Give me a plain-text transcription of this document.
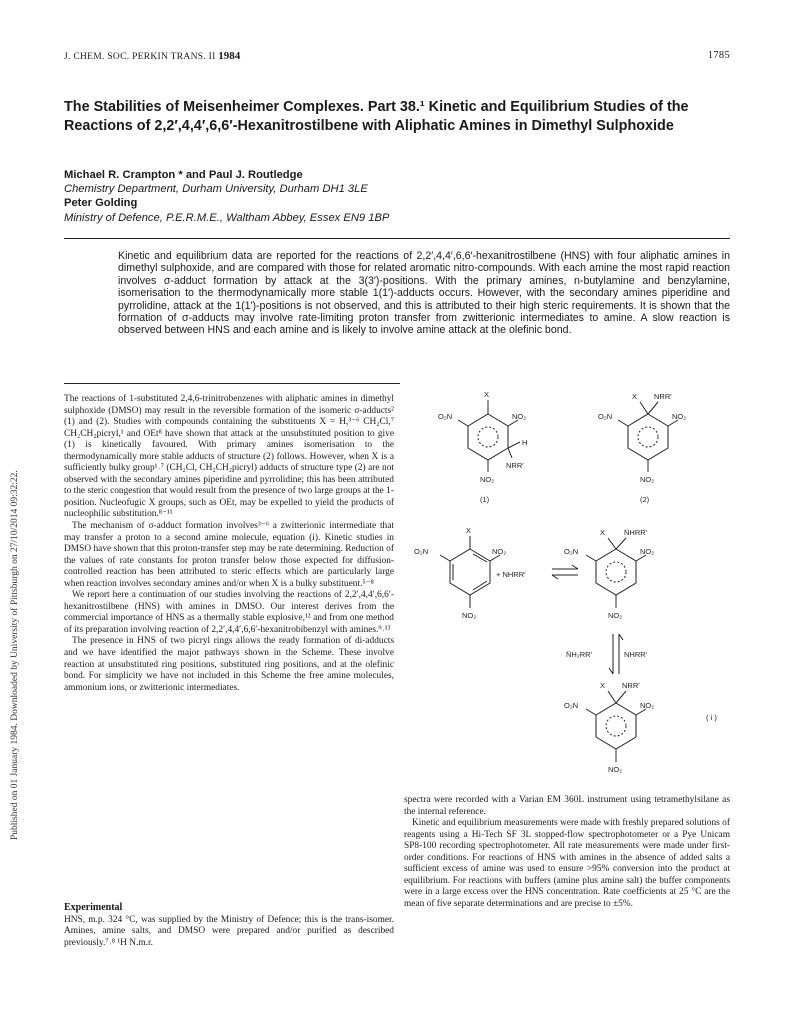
J. CHEM. SOC. PERKIN TRANS. II 1984	1785
Published on 01 January 1984. Downloaded by University of Pittsburgh on 27/10/2014 09:32:22.
The Stabilities of Meisenheimer Complexes. Part 38.¹ Kinetic and Equilibrium Studies of the Reactions of 2,2′,4,4′,6,6′-Hexanitrostilbene with Aliphatic Amines in Dimethyl Sulphoxide
Michael R. Crampton * and Paul J. Routledge
Chemistry Department, Durham University, Durham DH1 3LE
Peter Golding
Ministry of Defence, P.E.R.M.E., Waltham Abbey, Essex EN9 1BP
Kinetic and equilibrium data are reported for the reactions of 2,2′,4,4′,6,6′-hexanitrostilbene (HNS) with four aliphatic amines in dimethyl sulphoxide, and are compared with those for related aromatic nitro-compounds. With each amine the most rapid reaction involves σ-adduct formation by attack at the 3(3′)-positions. With the primary amines, n-butylamine and benzylamine, isomerisation to the thermodynamically more stable 1(1′)-adducts occurs. However, with the secondary amines piperidine and pyrrolidine, attack at the 1(1′)-positions is not observed, and this is attributed to their high steric requirements. It is shown that the formation of σ-adducts may involve rate-limiting proton transfer from zwitterionic intermediates to amine. A slow reaction is observed between HNS and each amine and is likely to involve amine attack at the olefinic bond.

The reactions of 1-substituted 2,4,6-trinitrobenzenes with aliphatic amines in dimethyl sulphoxide (DMSO) may result in the reversible formation of the isomeric σ-adducts² (1) and (2). Studies with compounds containing the substituents X = H,³⁻⁶ CH₂Cl,⁷ CH₂CH₂picryl,¹ and OEt⁸ have shown that attack at the unsubstituted position to give (1) is kinetically favoured. With primary amines isomerisation to the thermodynamically more stable adducts of structure (2) follows. However, when X is a sufficiently bulky group¹˒⁷ (CH₂Cl, CH₂CH₂picryl) adducts of structure type (2) are not observed with the secondary amines piperidine and pyrrolidine; this has been attributed to the steric congestion that would result from the presence of two large groups at the 1-position. Nucleofugic X groups, such as OEt, may be expelled to yield the products of nucleophilic substitution.⁸⁻¹¹

The mechanism of σ-adduct formation involves³⁻⁶ a zwitterionic intermediate that may transfer a proton to a second amine molecule, equation (i). Kinetic studies in DMSO have shown that this proton-transfer step may be rate determining. Reduction of the values of rate constants for proton transfer below those expected for diffusion-controlled reaction has been attributed to steric effects which are particularly large when reaction involves secondary amines and/or when X is a bulky substituent.⁵⁻⁸

We report here a continuation of our studies involving the reactions of 2,2′,4,4′,6,6′-hexanitrostilbene (HNS) with amines in DMSO. Our interest derives from the commercial importance of HNS as a thermally stable explosive,¹² and from one method of its preparation involving reaction of 2,2′,4,4′,6,6′-hexanitrobibenzyl with amines.⁹˒¹³

The presence in HNS of two picryl rings allows the ready formation of di-adducts and we have identified the major pathways shown in the Scheme. These involve reaction at unsubstituted ring positions, substituted ring positions, and at the olefinic bond. For simplicity we have not included in this Scheme the free amine molecules, ammonium ions, or zwitterionic intermediates.

Experimental

HNS, m.p. 324 °C, was supplied by the Ministry of Defence; this is the trans-isomer. Amines, amine salts, and DMSO were prepared and/or purified as described previously.⁷˒⁸ ¹H N.m.r.

spectra were recorded with a Varian EM 360L instrument using tetramethylsilane as the internal reference.

Kinetic and equilibrium measurements were made with freshly prepared solutions of reagents using a Hi-Tech SF 3L stopped-flow spectrophotometer or a Pye Unicam SP8-100 recording spectrophotometer. All rate measurements were made under first-order conditions. For reactions of HNS with amines in the absence of added salts a sufficient excess of amine was used to ensure >95% conversion into the product at equilibrium. For reactions with buffers (amine plus amine salt) the buffer components were in a large excess over the HNS concentration. Rate coefficients at 25 °C are the mean of five separate determinations and are precise to ±5%.

X
O₂N	NO₂
H
NRR′
NO₂
(1)
X NRR′
O₂N	NO₂
NO₂
(2)
X
O₂N	NO₂
+ NHRR′
NO₂
X	N̈HRR′
O₂N	NO₂
NO₂
N̈H₂RR′	NHRR′
X NRR′
O₂N	NO₂
( i )
NO₂
